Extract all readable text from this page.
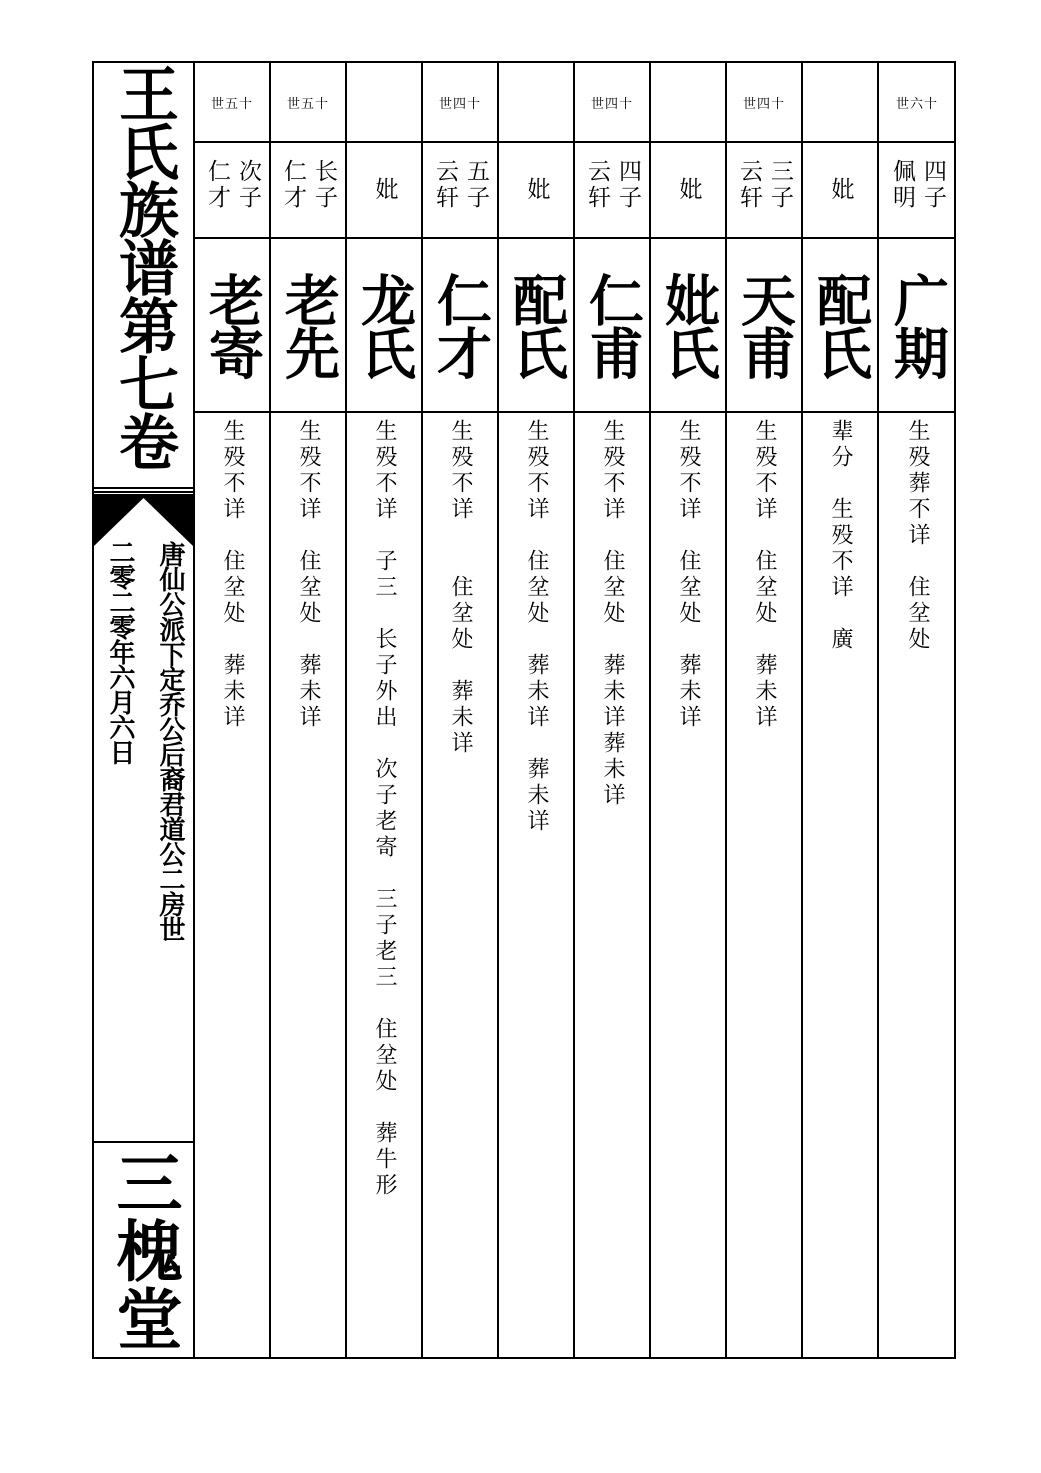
王氏族谱第七卷
唐仙公派下定乔公后裔君道公二房世
二零二零年六月六日
三槐堂
世五十
仁才 次子
老寄
生殁不详　住坌处　葬未详
世五十
仁才 长子
老先
生殁不详　住坌处　葬未详
妣
龙氏
生殁不详　子三　长子外出　次子老寄　三子老三　住坌处　葬牛形
世四十
云轩 五子
仁才
生殁不详　　住坌处　葬未详
妣
配氏
生殁不详　住坌处　葬未详　葬未详
世四十
云轩 四子
仁甫
生殁不详　住坌处　葬未详葬未详
妣
妣氏
生殁不详　住坌处　葬未详
世四十
云轩 三子
天甫
生殁不详　住坌处　葬未详
妣
配氏
辈分　生殁不详　廣
世六十
佩明 四子
广期
生殁葬不详　住坌处
